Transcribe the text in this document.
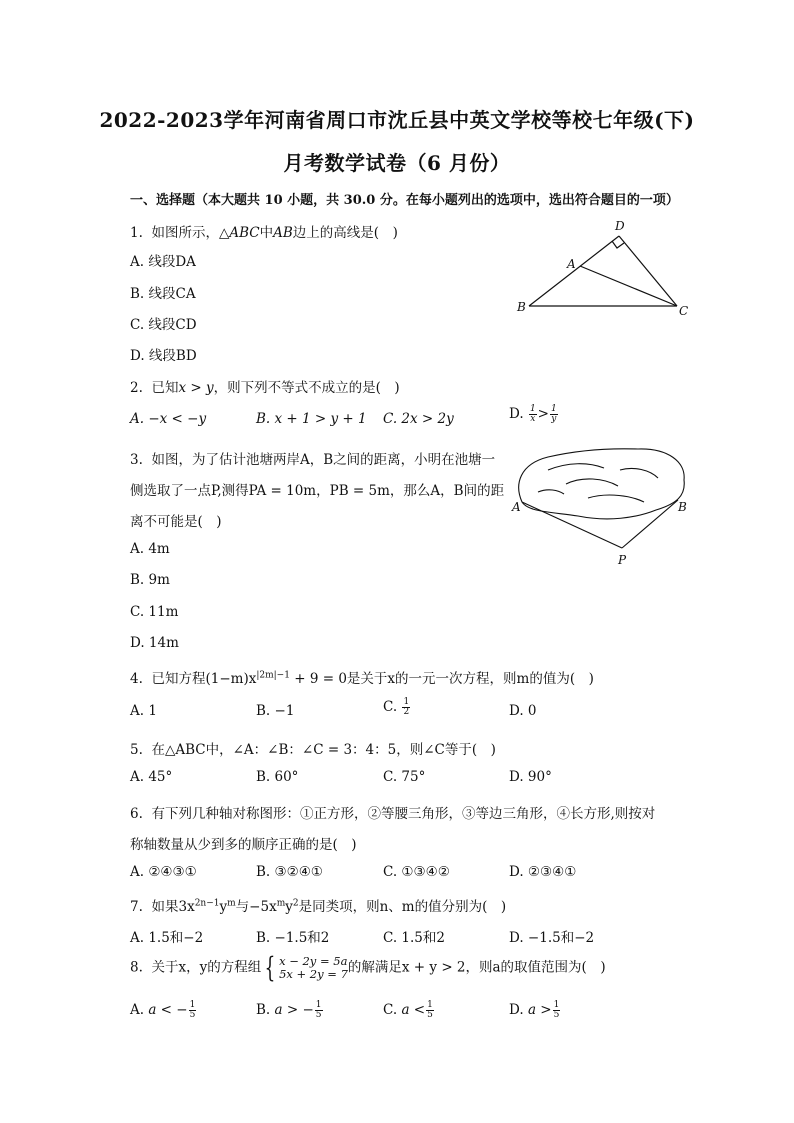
2022-2023学年河南省周口市沈丘县中英文学校等校七年级(下)
月考数学试卷（6 月份）
一、选择题（本大题共 10 小题，共 30.0 分。在每小题列出的选项中，选出符合题目的一项）
1. 如图所示，△ABC中AB边上的高线是(　)
A. 线段DA
B. 线段CA
C. 线段CD
D. 线段BD
D
A
B	C
2. 已知x > y，则下列不等式不成立的是(　)
A. −x < −y	B. x + 1 > y + 1 C. 2x > 2y	D. $\frac{1}{x} > \frac{1}{y}$
3. 如图，为了估计池塘两岸A，B之间的距离，小明在池塘一
侧选取了一点P,测得PA = 10m，PB = 5m，那么A，B间的距
离不可能是(　)
A. 4m
B. 9m
C. 11m
D. 14m
A	B
P
4. 已知方程$(1-m)x^{|2m|-1} + 9 = 0$是关于x的一元一次方程，则m的值为(　)
A. 1	B. −1	C. $\frac{1}{2}$	D. 0
5. 在△ABC中，∠A：∠B：∠C = 3：4：5，则∠C等于(　)
A. 45°	B. 60°	C. 75°	D. 90°
6. 有下列几种轴对称图形：①正方形，②等腰三角形，③等边三角形，④长方形,则按对
称轴数量从少到多的顺序正确的是(　)
A. ②④③①	B. ③②④①	C. ①③④②	D. ②③④①
7. 如果$3x^{2n-1}y^m$与$-5x^my^2$是同类项，则n、m的值分别为(　)
A. 1.5和−2	B. −1.5和2	C. 1.5和2	D. −1.5和−2
8. 关于x，y的方程组 { x − 2y = 5a
5x + 2y = 7 的解满足x + y > 2，则a的取值范围为(　)
A. a < − $\frac{1}{5}$	B. a > − $\frac{1}{5}$	C. $a < \frac{1}{5}$	D. $a > \frac{1}{5}$
